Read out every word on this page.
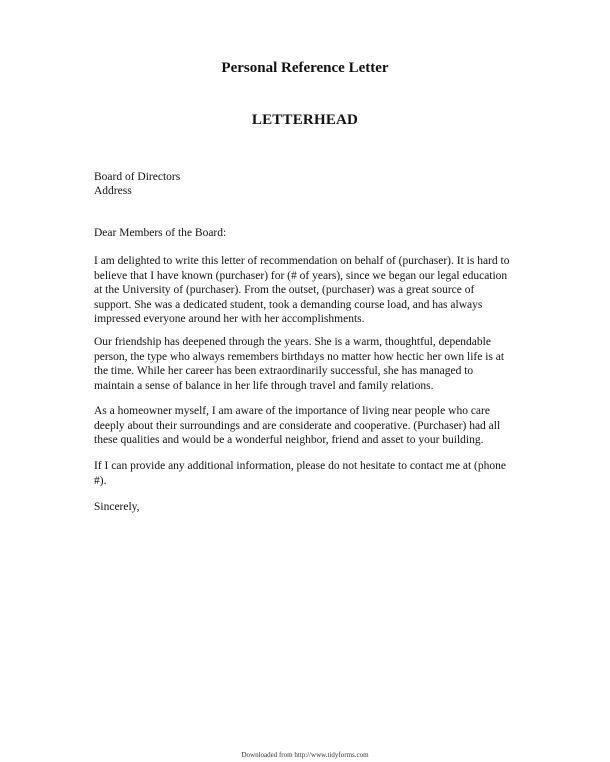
Personal Reference Letter
LETTERHEAD
Board of Directors
Address

Dear Members of the Board:

I am delighted to write this letter of recommendation on behalf of (purchaser). It is hard to believe that I have known (purchaser) for (# of years), since we began our legal education at the University of (purchaser). From the outset, (purchaser) was a great source of support. She was a dedicated student, took a demanding course load, and has always impressed everyone around her with her accomplishments.

Our friendship has deepened through the years. She is a warm, thoughtful, dependable person, the type who always remembers birthdays no matter how hectic her own life is at the time. While her career has been extraordinarily successful, she has managed to maintain a sense of balance in her life through travel and family relations.

As a homeowner myself, I am aware of the importance of living near people who care deeply about their surroundings and are considerate and cooperative. (Purchaser) had all these qualities and would be a wonderful neighbor, friend and asset to your building.

If I can provide any additional information, please do not hesitate to contact me at (phone #).

Sincerely,

Downloaded from http://www.tidyforms.com
